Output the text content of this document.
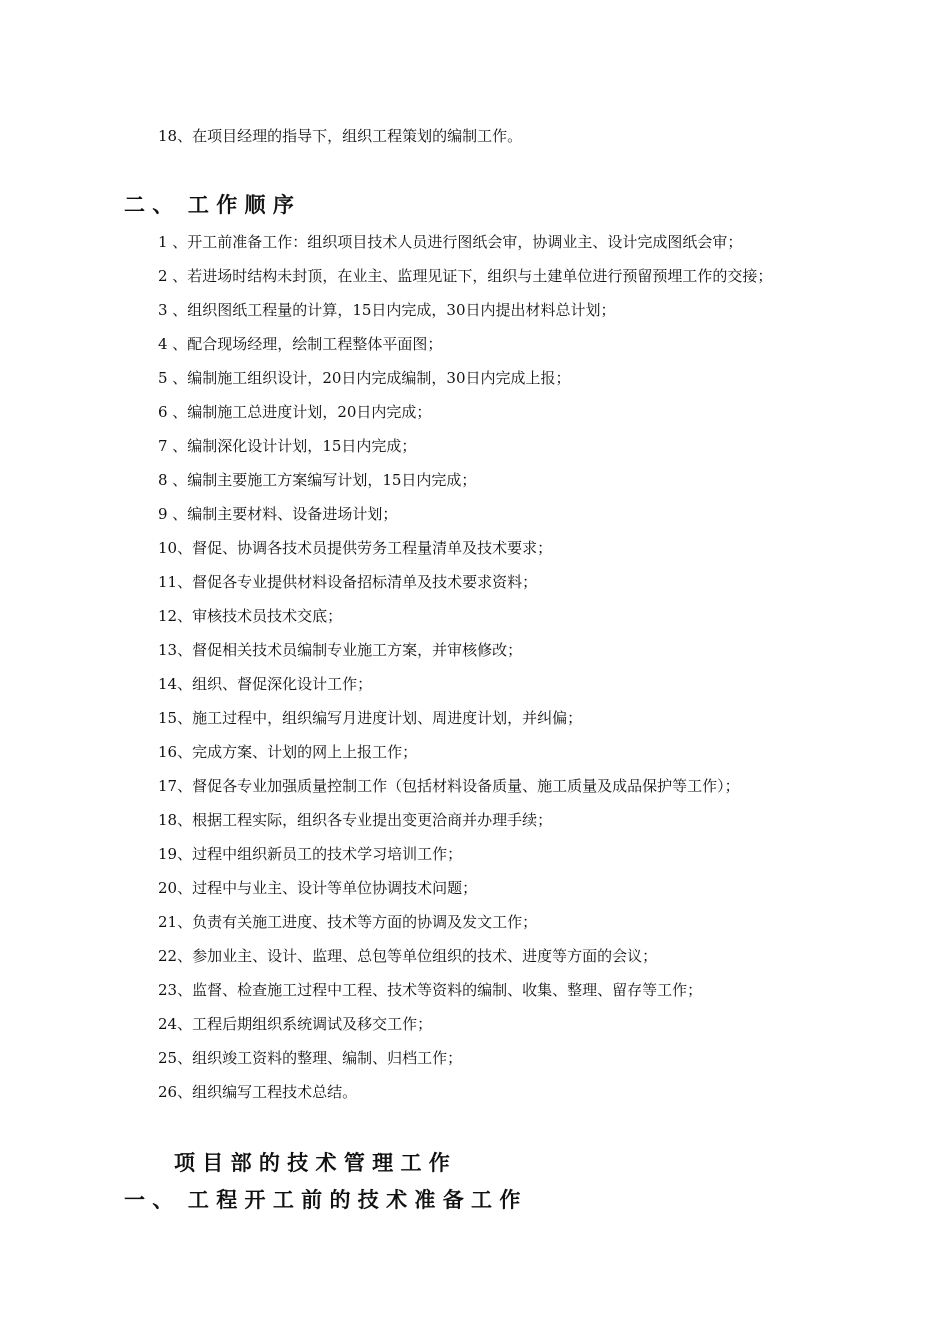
18、在项目经理的指导下，组织工程策划的编制工作。

二 、  工 作 顺 序

1 、开工前准备工作：组织项目技术人员进行图纸会审，协调业主、设计完成图纸会审；

2 、若进场时结构未封顶，在业主、监理见证下，组织与土建单位进行预留预埋工作的交接；

3 、组织图纸工程量的计算，15日内完成，30日内提出材料总计划；

4 、配合现场经理，绘制工程整体平面图；

5 、编制施工组织设计，20日内完成编制，30日内完成上报；

6 、编制施工总进度计划，20日内完成；

7 、编制深化设计计划，15日内完成；

8 、编制主要施工方案编写计划，15日内完成；

9 、编制主要材料、设备进场计划；

10、督促、协调各技术员提供劳务工程量清单及技术要求；

11、督促各专业提供材料设备招标清单及技术要求资料；

12、审核技术员技术交底；

13、督促相关技术员编制专业施工方案，并审核修改；

14、组织、督促深化设计工作；

15、施工过程中，组织编写月进度计划、周进度计划，并纠偏；

16、完成方案、计划的网上上报工作；

17、督促各专业加强质量控制工作（包括材料设备质量、施工质量及成品保护等工作）；

18、根据工程实际，组织各专业提出变更洽商并办理手续；

19、过程中组织新员工的技术学习培训工作；

20、过程中与业主、设计等单位协调技术问题；

21、负责有关施工进度、技术等方面的协调及发文工作；

22、参加业主、设计、监理、总包等单位组织的技术、进度等方面的会议；

23、监督、检查施工过程中工程、技术等资料的编制、收集、整理、留存等工作；

24、工程后期组织系统调试及移交工作；

25、组织竣工资料的整理、编制、归档工作；

26、组织编写工程技术总结。

项 目 部 的 技 术 管 理 工 作
一 、  工 程 开 工 前 的 技 术 准 备 工 作
